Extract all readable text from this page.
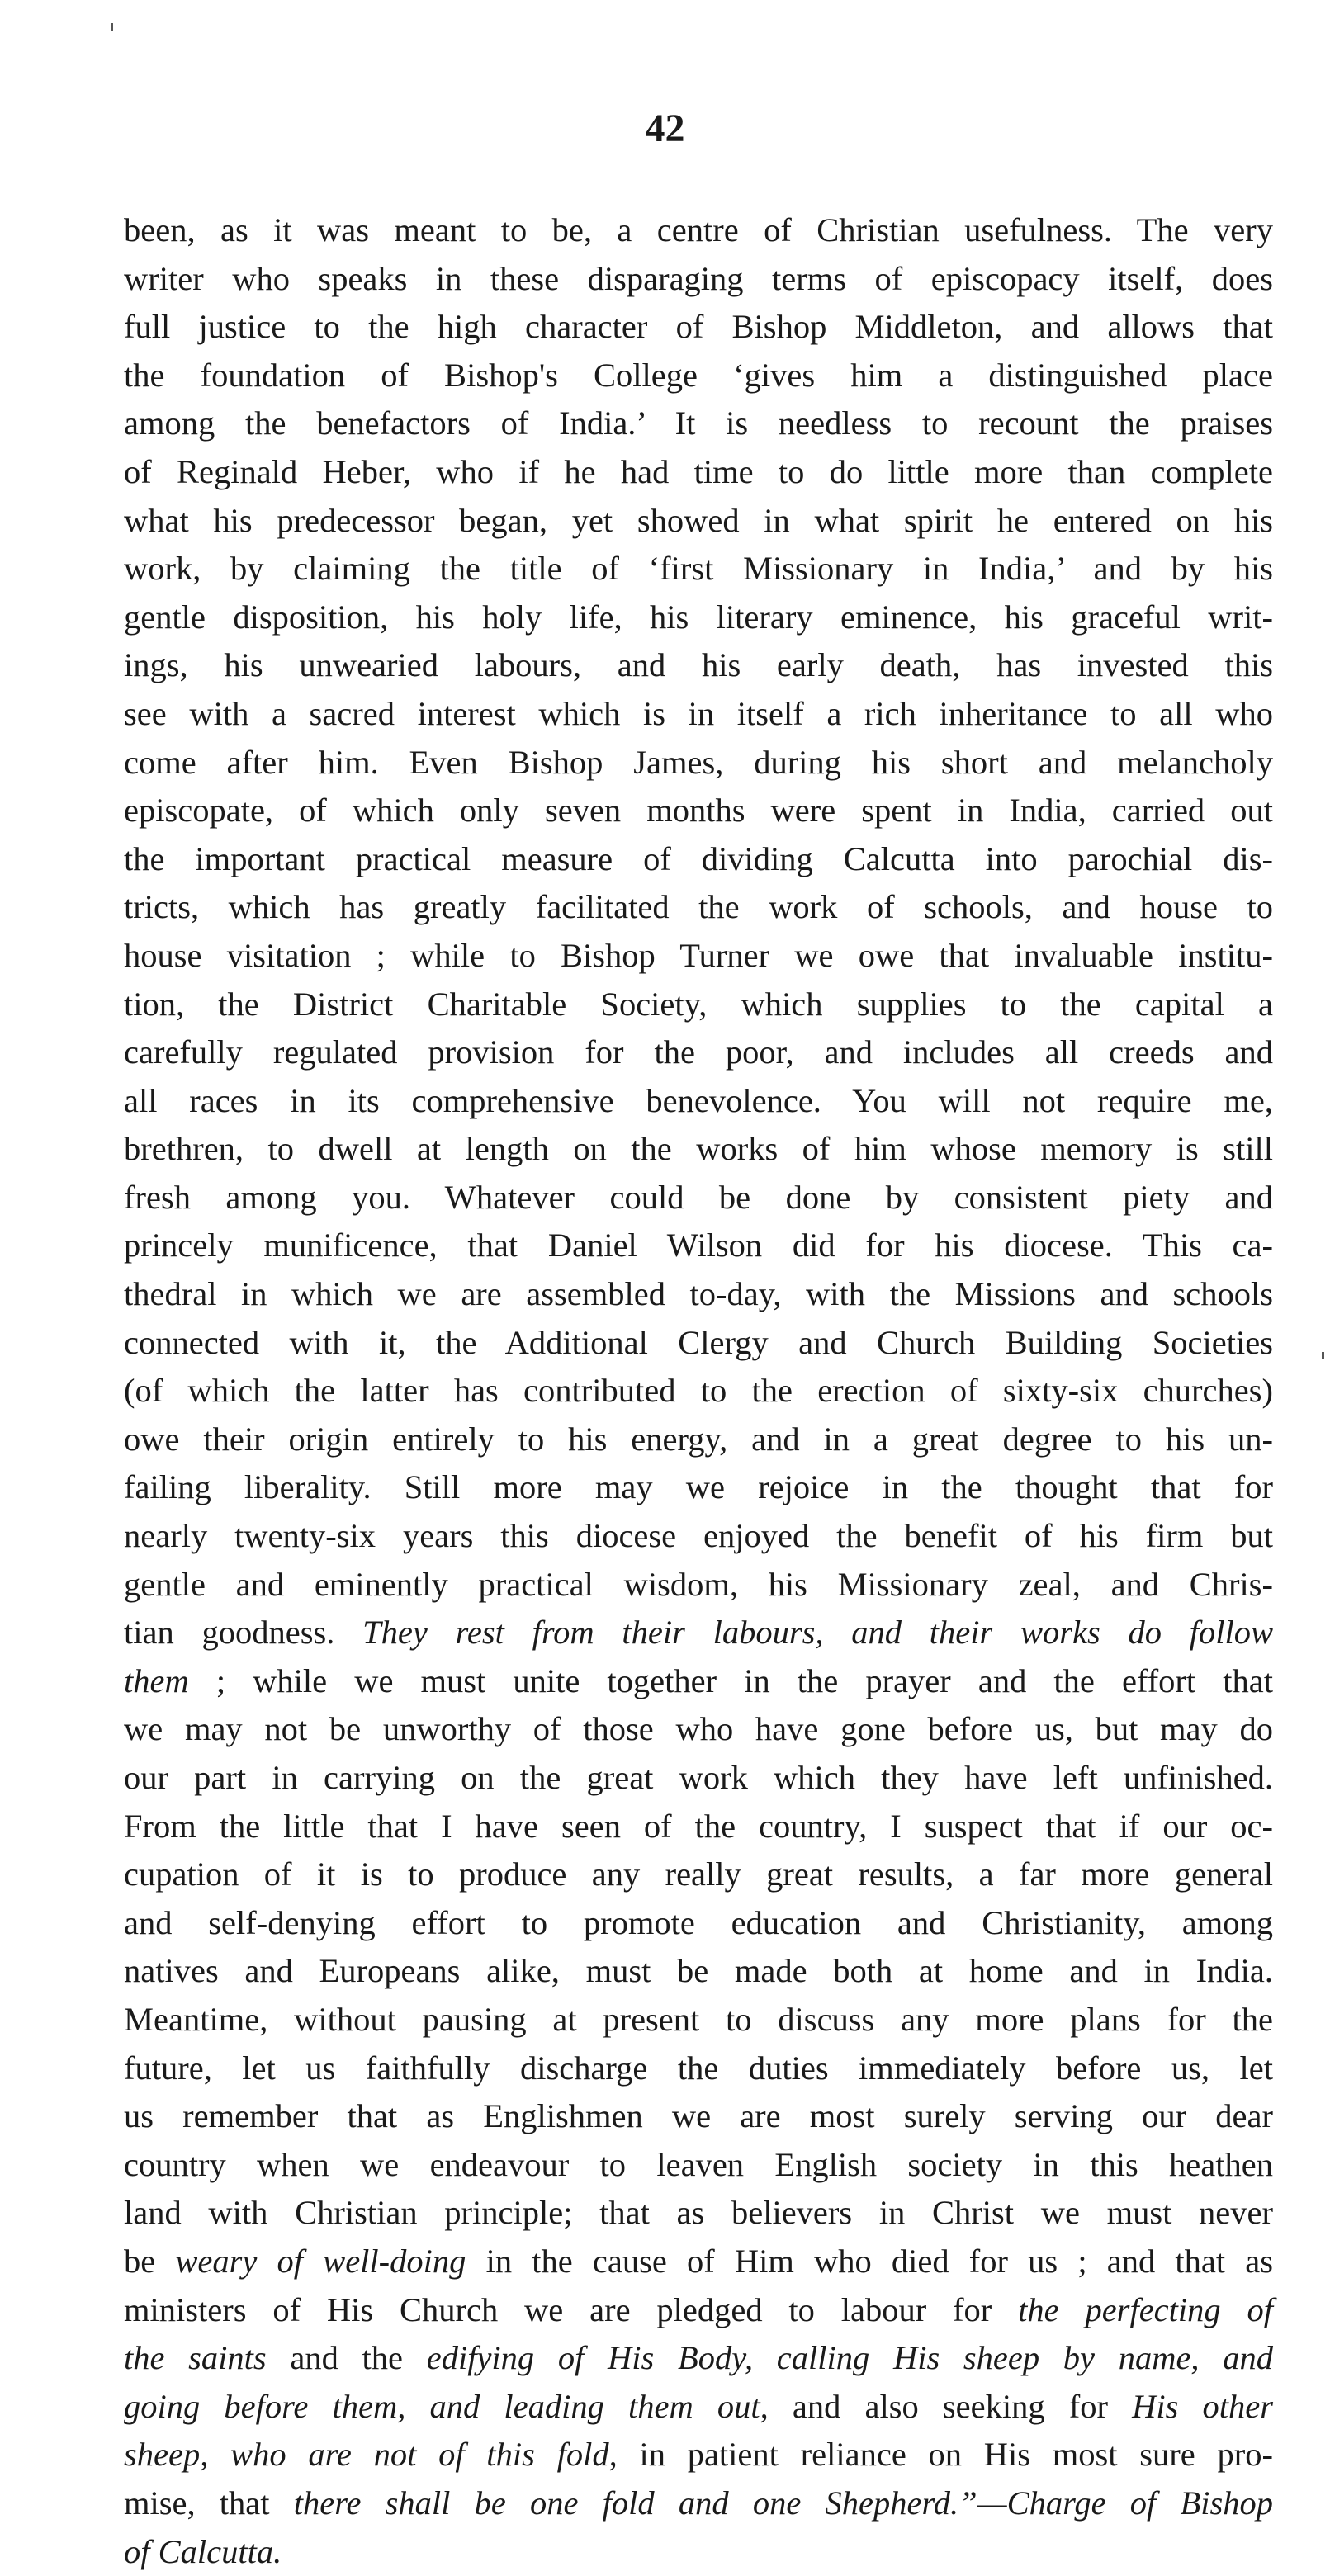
42
been, as it was meant to be, a centre of Christian usefulness. The very
writer who speaks in these disparaging terms of episcopacy itself, does
full justice to the high character of Bishop Middleton, and allows that
the foundation of Bishop's College ‘gives him a distinguished place
among the benefactors of India.’ It is needless to recount the praises
of Reginald Heber, who if he had time to do little more than complete
what his predecessor began, yet showed in what spirit he entered on his
work, by claiming the title of ‘first Missionary in India,’ and by his
gentle disposition, his holy life, his literary eminence, his graceful writ-
ings, his unwearied labours, and his early death, has invested this
see with a sacred interest which is in itself a rich inheritance to all who
come after him. Even Bishop James, during his short and melancholy
episcopate, of which only seven months were spent in India, carried out
the important practical measure of dividing Calcutta into parochial dis-
tricts, which has greatly facilitated the work of schools, and house to
house visitation ; while to Bishop Turner we owe that invaluable institu-
tion, the District Charitable Society, which supplies to the capital a
carefully regulated provision for the poor, and includes all creeds and
all races in its comprehensive benevolence. You will not require me,
brethren, to dwell at length on the works of him whose memory is still
fresh among you. Whatever could be done by consistent piety and
princely munificence, that Daniel Wilson did for his diocese. This ca-
thedral in which we are assembled to-day, with the Missions and schools
connected with it, the Additional Clergy and Church Building Societies
(of which the latter has contributed to the erection of sixty-six churches)
owe their origin entirely to his energy, and in a great degree to his un-
failing liberality. Still more may we rejoice in the thought that for
nearly twenty-six years this diocese enjoyed the benefit of his firm but
gentle and eminently practical wisdom, his Missionary zeal, and Chris-
tian goodness. They rest from their labours, and their works do follow
them ; while we must unite together in the prayer and the effort that
we may not be unworthy of those who have gone before us, but may do
our part in carrying on the great work which they have left unfinished.
From the little that I have seen of the country, I suspect that if our oc-
cupation of it is to produce any really great results, a far more general
and self-denying effort to promote education and Christianity, among
natives and Europeans alike, must be made both at home and in India.
Meantime, without pausing at present to discuss any more plans for the
future, let us faithfully discharge the duties immediately before us, let
us remember that as Englishmen we are most surely serving our dear
country when we endeavour to leaven English society in this heathen
land with Christian principle; that as believers in Christ we must never
be weary of well-doing in the cause of Him who died for us ; and that as
ministers of His Church we are pledged to labour for the perfecting of
the saints and the edifying of His Body, calling His sheep by name, and
going before them, and leading them out, and also seeking for His other
sheep, who are not of this fold, in patient reliance on His most sure pro-
mise, that there shall be one fold and one Shepherd.”—Charge of Bishop
of Calcutta.
